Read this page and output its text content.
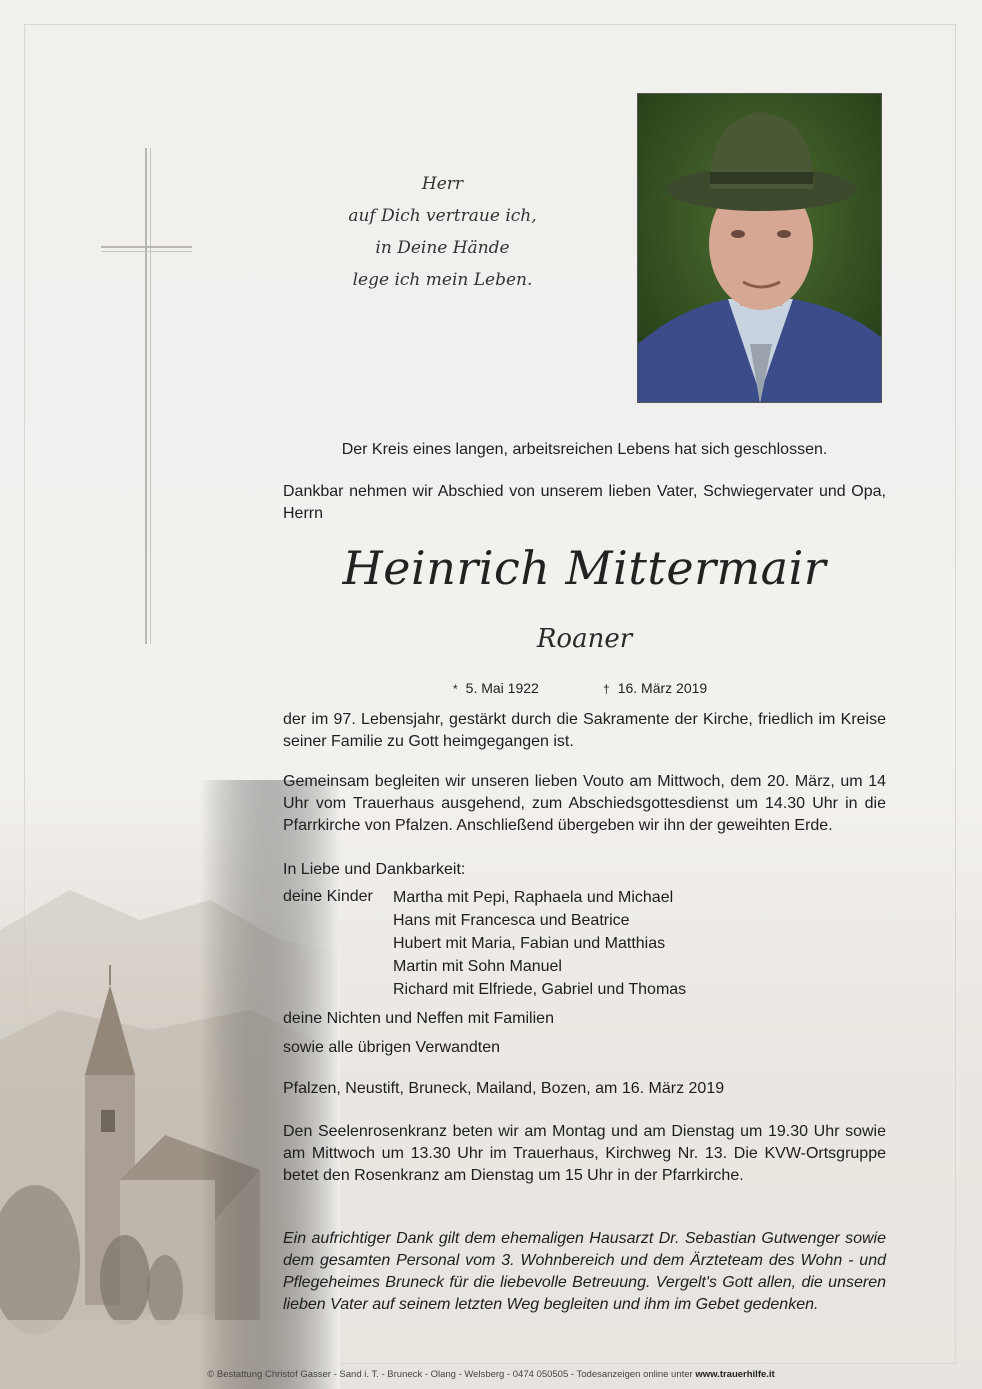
Herr
auf Dich vertraue ich,
in Deine Hände
lege ich mein Leben.
Der Kreis eines langen, arbeitsreichen Lebens hat sich geschlossen.
Dankbar nehmen wir Abschied von unserem lieben Vater, Schwiegervater und Opa, Herrn
Heinrich Mittermair
Roaner
* 5. Mai 1922	† 16. März 2019
der im 97. Lebensjahr, gestärkt durch die Sakramente der Kirche, friedlich im Kreise seiner Familie zu Gott heimgegangen ist.
Gemeinsam begleiten wir unseren lieben Vouto am Mittwoch, dem 20. März, um 14 Uhr vom Trauerhaus ausgehend, zum Abschiedsgottesdienst um 14.30 Uhr in die Pfarrkirche von Pfalzen. Anschließend übergeben wir ihn der geweihten Erde.
In Liebe und Dankbarkeit:
deine Kinder Martha mit Pepi, Raphaela und Michael
Hans mit Francesca und Beatrice
Hubert mit Maria, Fabian und Matthias
Martin mit Sohn Manuel
Richard mit Elfriede, Gabriel und Thomas
deine Nichten und Neffen mit Familien
sowie alle übrigen Verwandten
Pfalzen, Neustift, Bruneck, Mailand, Bozen, am 16. März 2019
Den Seelenrosenkranz beten wir am Montag und am Dienstag um 19.30 Uhr sowie am Mittwoch um 13.30 Uhr im Trauerhaus, Kirchweg Nr. 13. Die KVW-Ortsgruppe betet den Rosenkranz am Dienstag um 15 Uhr in der Pfarrkirche.
Ein aufrichtiger Dank gilt dem ehemaligen Hausarzt Dr. Sebastian Gutwenger sowie dem gesamten Personal vom 3. Wohnbereich und dem Ärzteteam des Wohn - und Pflegeheimes Bruneck für die liebevolle Betreuung. Vergelt's Gott allen, die unseren lieben Vater auf seinem letzten Weg begleiten und ihm im Gebet gedenken.
© Bestattung Christof Gasser - Sand i. T. - Bruneck - Olang - Welsberg - 0474 050505 - Todesanzeigen online unter www.trauerhilfe.it
